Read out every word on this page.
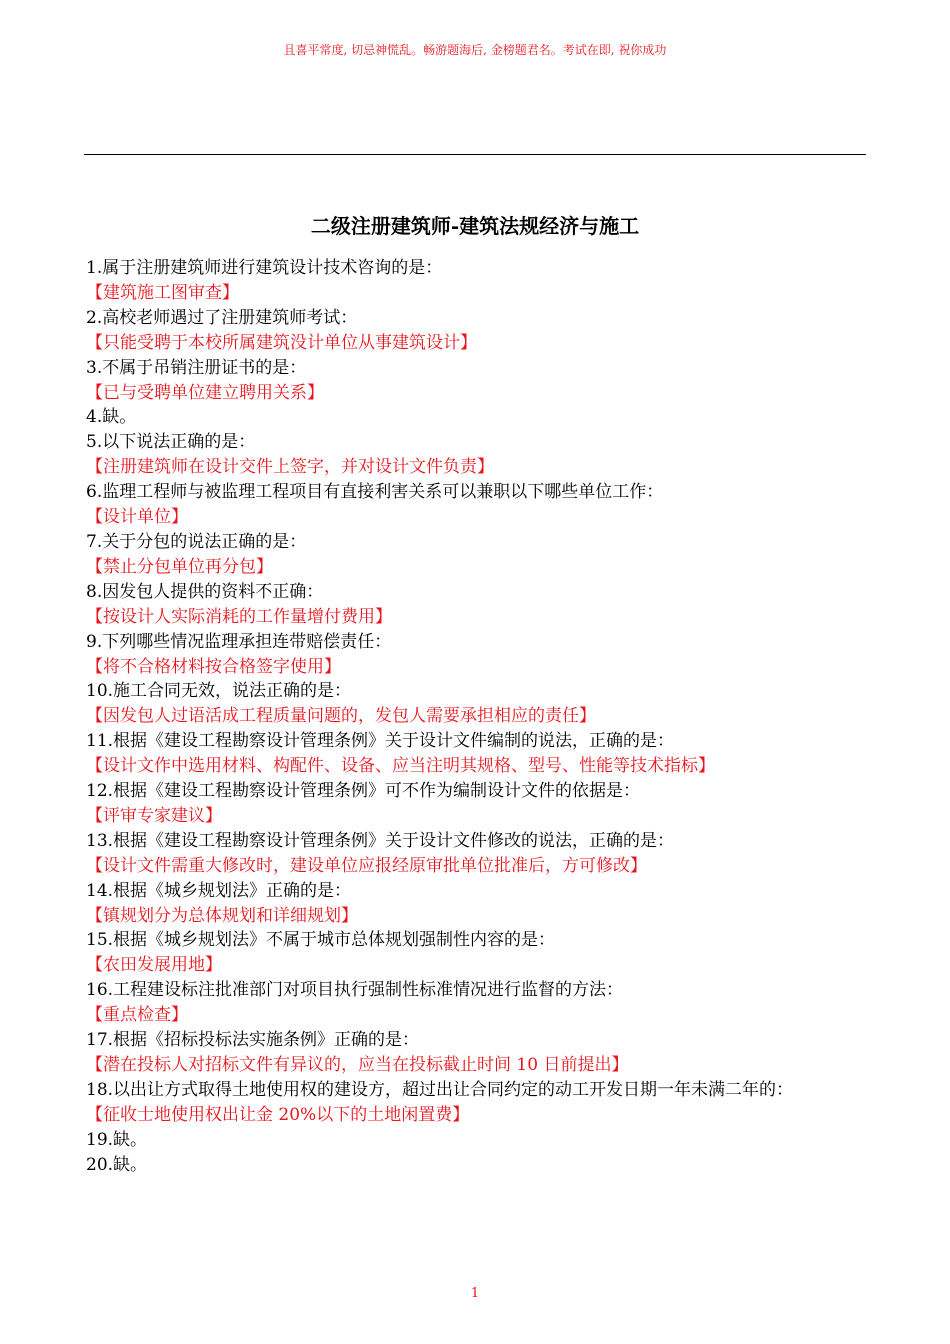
且喜平常度, 切忌神慌乱。畅游题海后, 金榜题君名。考试在即, 祝你成功
二级注册建筑师-建筑法规经济与施工
1.属于注册建筑师进行建筑设计技术咨询的是：
【建筑施工图审查】
2.高校老师遇过了注册建筑师考试：
【只能受聘于本校所属建筑没计单位从事建筑设计】
3.不属于吊销注册证书的是：
【已与受聘单位建立聘用关系】
4.缺。
5.以下说法正确的是：
【注册建筑师在设计交件上签字，并对设计文件负责】
6.监理工程师与被监理工程项目有直接利害关系可以兼职以下哪些单位工作：
【设计单位】
7.关于分包的说法正确的是：
【禁止分包单位再分包】
8.因发包人提供的资料不正确：
【按设计人实际消耗的工作量增付费用】
9.下列哪些情况监理承担连带赔偿责任：
【将不合格材料按合格签字使用】
10.施工合同无效，说法正确的是：
【因发包人过语活成工程质量问题的，发包人需要承担相应的责任】
11.根据《建设工程勘察设计管理条例》关于设计文件编制的说法，正确的是：
【设计文作中选用材料、构配件、设备、应当注明其规格、型号、性能等技术指标】
12.根据《建设工程勘察设计管理条例》可不作为编制设计文件的依据是：
【评审专家建议】
13.根据《建设工程勘察设计管理条例》关于设计文件修改的说法，正确的是：
【设计文件需重大修改时，建设单位应报经原审批单位批准后，方可修改】
14.根据《城乡规划法》正确的是：
【镇规划分为总体规划和详细规划】
15.根据《城乡规划法》不属于城市总体规划强制性内容的是：
【农田发展用地】
16.工程建设标注批准部门对项目执行强制性标准情况进行监督的方法：
【重点检查】
17.根据《招标投标法实施条例》正确的是：
【潜在投标人对招标文件有异议的，应当在投标截止时间 10 日前提出】
18.以出让方式取得土地使用权的建设方，超过出让合同约定的动工开发日期一年未满二年的：
【征收士地使用权出让金 20%以下的土地闲置费】
19.缺。
20.缺。
1
